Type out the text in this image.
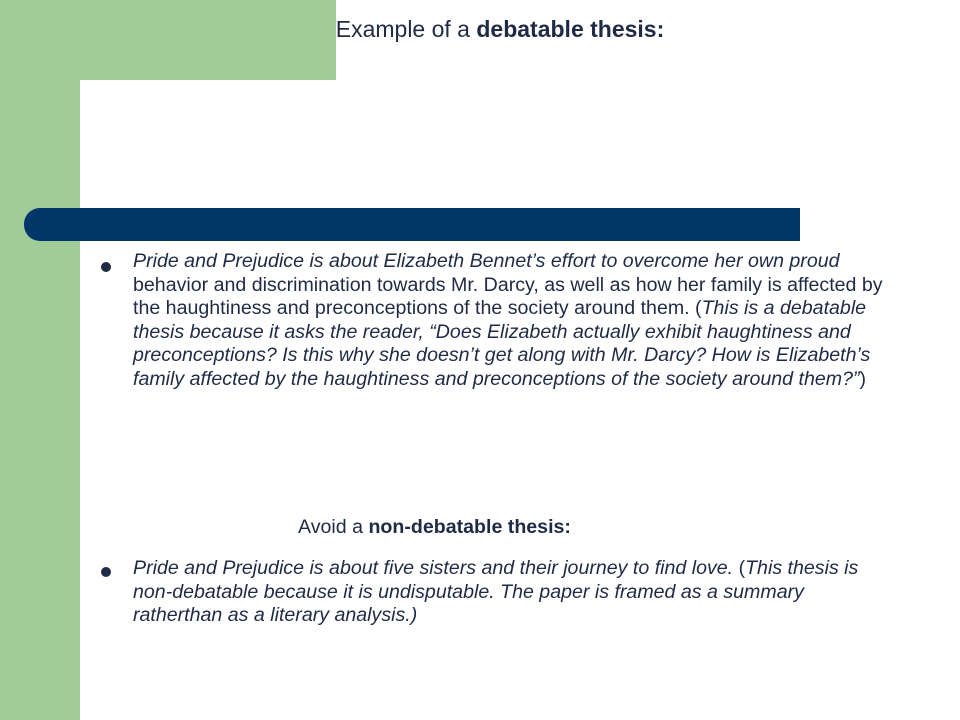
Example of a debatable thesis:
Pride and Prejudice is about Elizabeth Bennet’s effort to overcome her own proud behavior and discrimination towards Mr. Darcy, as well as how her family is affected by the haughtiness and preconceptions of the society around them. (This is a debatable thesis because it asks the reader, “Does Elizabeth actually exhibit haughtiness and preconceptions? Is this why she doesn’t get along with Mr. Darcy? How is Elizabeth’s family affected by the haughtiness and preconceptions of the society around them?”)
Avoid a non-debatable thesis:
Pride and Prejudice is about five sisters and their journey to find love. (This thesis is non-debatable because it is undisputable. The paper is framed as a summary ratherthan as a literary analysis.)
